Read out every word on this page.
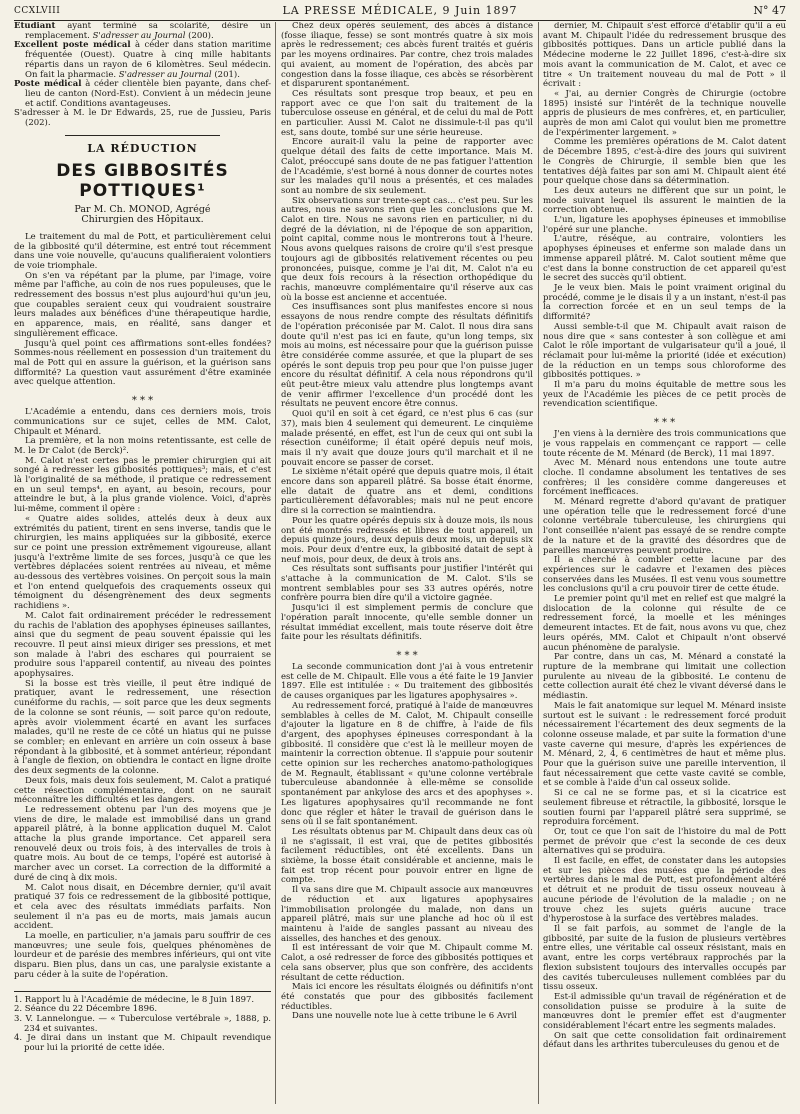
CCXLVIII	LA PRESSE MÉDICALE, 9 Juin 1897	N° 47

Etudiant ayant terminé sa scolarité, désire un remplacement. S'adresser au Journal (200).

Excellent poste médical à céder dans station maritime fréquentée (Ouest). Quatre à cinq mille habitants répartis dans un rayon de 6 kilomètres. Seul médecin. On fait la pharmacie. S'adresser au Journal (201).

Poste médical à céder clientèle bien payante, dans chef-lieu de canton (Nord-Est). Convient à un médecin jeune et actif. Conditions avantageuses.

S'adresser à M. le Dr Edwards, 25, rue de Jussieu, Paris (202).

LA RÉDUCTION
DES GIBBOSITÉS POTTIQUES¹
Par M. Ch. MONOD, Agrégé
Chirurgien des Hôpitaux.

Le traitement du mal de Pott, et particulièrement celui de la gibbosité qu'il détermine, est entré tout récemment dans une voie nouvelle, qu'aucuns qualifieraient volontiers de voie triomphale.

On s'en va répétant par la plume, par l'image, voire même par l'affiche, au coin de nos rues populeuses, que le redressement des bossus n'est plus aujourd'hui qu'un jeu, que coupables seraient ceux qui voudraient soustraire leurs malades aux bénéfices d'une thérapeutique hardie, en apparence, mais, en réalité, sans danger et singulièrement efficace.

Jusqu'à quel point ces affirmations sont-elles fondées? Sommes-nous réellement en possession d'un traitement du mal de Pott qui en assure la guérison, et la guérison sans difformité? La question vaut assurément d'être examinée avec quelque attention.

⁎ ⁎ ⁎

L'Académie a entendu, dans ces derniers mois, trois communications sur ce sujet, celles de MM. Calot, Chipault et Ménard.

La première, et la non moins retentissante, est celle de M. le Dr Calot (de Berck)².

M. Calot n'est certes pas le premier chirurgien qui ait songé à redresser les gibbosités pottiques³; mais, et c'est là l'originalité de sa méthode, il pratique ce redressement en un seul temps⁴, en ayant, au besoin, recours, pour atteindre le but, à la plus grande violence. Voici, d'après lui-même, comment il opère :

« Quatre aides solides, attelés deux à deux aux extrémités du patient, tirent en sens inverse, tandis que le chirurgien, les mains appliquées sur la gibbosité, exerce sur ce point une pression extrêmement vigoureuse, allant jusqu'à l'extrême limite de ses forces, jusqu'à ce que les vertèbres déplacées soient rentrées au niveau, et même au-dessous des vertèbres voisines. On perçoit sous la main et l'on entend quelquefois des craquements osseux qui témoignent du désengrènement des deux segments rachidiens ».

M. Calot fait ordinairement précéder le redressement du rachis de l'ablation des apophyses épineuses saillantes, ainsi que du segment de peau souvent épaissie qui les recouvre. Il peut ainsi mieux diriger ses pressions, et met son malade à l'abri des eschares qui pourraient se produire sous l'appareil contentif, au niveau des pointes apophysaires.

Si la bosse est très vieille, il peut être indiqué de pratiquer, avant le redressement, une résection cunéiforme du rachis, — soit parce que les deux segments de la colonne se sont réunis, — soit parce qu'on redoute, après avoir violemment écarté en avant les surfaces malades, qu'il ne reste de ce côté un hiatus qui ne puisse se combler; en enlevant en arrière un coin osseux à base répondant à la gibbosité, et à sommet antérieur, répondant à l'angle de flexion, on obtiendra le contact en ligne droite des deux segments de la colonne.

Deux fois, mais deux fois seulement, M. Calot a pratiqué cette résection complémentaire, dont on ne saurait méconnaître les difficultés et les dangers.

Le redressement obtenu par l'un des moyens que je viens de dire, le malade est immobilisé dans un grand appareil plâtré, à la bonne application duquel M. Calot attache la plus grande importance. Cet appareil sera renouvelé deux ou trois fois, à des intervalles de trois à quatre mois. Au bout de ce temps, l'opéré est autorisé à marcher avec un corset. La correction de la difformité a duré de cinq à dix mois.

M. Calot nous disait, en Décembre dernier, qu'il avait pratiqué 37 fois ce redressement de la gibbosité pottique, et cela avec des résultats immédiats parfaits. Non seulement il n'a pas eu de morts, mais jamais aucun accident.

La moelle, en particulier, n'a jamais paru souffrir de ces manœuvres; une seule fois, quelques phénomènes de lourdeur et de parésie des membres inférieurs, qui ont vite disparu. Bien plus, dans un cas, une paralysie existante a paru céder à la suite de l'opération.

1. Rapport lu à l'Académie de médecine, le 8 Juin 1897.

2. Séance du 22 Décembre 1896.

3. V. Lannelongue. — « Tuberculose vertébrale », 1888, p. 234 et suivantes.

4. Je dirai dans un instant que M. Chipault revendique pour lui la priorité de cette idée.

Chez deux opérés seulement, des abcès à distance (fosse iliaque, fesse) se sont montrés quatre à six mois après le redressement; ces abcès furent traités et guéris par les moyens ordinaires. Par contre, chez trois malades qui avaient, au moment de l'opération, des abcès par congestion dans la fosse iliaque, ces abcès se résorbèrent et disparurent spontanément.

Ces résultats sont presque trop beaux, et peu en rapport avec ce que l'on sait du traitement de la tuberculose osseuse en général, et de celui du mal de Pott en particulier. Aussi M. Calot ne dissimule-t-il pas qu'il est, sans doute, tombé sur une série heureuse.

Encore aurait-il valu la peine de rapporter avec quelque détail des faits de cette importance. Mais M. Calot, préoccupé sans doute de ne pas fatiguer l'attention de l'Académie, s'est borné à nous donner de courtes notes sur les malades qu'il nous a présentés, et ces malades sont au nombre de six seulement.

Six observations sur trente-sept cas... c'est peu. Sur les autres, nous ne savons rien que les conclusions que M. Calot en tire. Nous ne savons rien en particulier, ni du degré de la déviation, ni de l'époque de son apparition, point capital, comme nous le montrerons tout à l'heure. Nous avons quelques raisons de croire qu'il s'est presque toujours agi de gibbosités relativement récentes ou peu prononcées, puisque, comme je l'ai dit, M. Calot n'a eu que deux fois recours à la résection orthopédique du rachis, manœuvre complémentaire qu'il réserve aux cas où la bosse est ancienne et accentuée.

Ces insuffisances sont plus manifestes encore si nous essayons de nous rendre compte des résultats définitifs de l'opération préconisée par M. Calot. Il nous dira sans doute qu'il n'est pas ici en faute, qu'un long temps, six mois au moins, est nécessaire pour que la guérison puisse être considérée comme assurée, et que la plupart de ses opérés le sont depuis trop peu pour que l'on puisse juger encore du résultat définitif. A cela nous répondrons qu'il eût peut-être mieux valu attendre plus longtemps avant de venir affirmer l'excellence d'un procédé dont les résultats ne peuvent encore être connus.

Quoi qu'il en soit à cet égard, ce n'est plus 6 cas (sur 37), mais bien 4 seulement qui demeurent. Le cinquième malade présenté, en effet, est l'un de ceux qui ont subi la résection cunéiforme; il était opéré depuis neuf mois, mais il n'y avait que douze jours qu'il marchait et il ne pouvait encore se passer de corset.

Le sixième n'était opéré que depuis quatre mois, il était encore dans son appareil plâtré. Sa bosse était énorme, elle datait de quatre ans et demi, conditions particulièrement défavorables; mais nul ne peut encore dire si la correction se maintiendra.

Pour les quatre opérés depuis six à douze mois, ils nous ont été montrés redressés et libres de tout appareil, un depuis quinze jours, deux depuis deux mois, un depuis six mois. Pour deux d'entre eux, la gibbosité datait de sept à neuf mois, pour deux, de deux à trois ans.

Ces résultats sont suffisants pour justifier l'intérêt qui s'attache à la communication de M. Calot. S'ils se montrent semblables pour ses 33 autres opérés, notre confrère pourra bien dire qu'il a victoire gagnée.

Jusqu'ici il est simplement permis de conclure que l'opération paraît innocente, qu'elle semble donner un résultat immédiat excellent, mais toute réserve doit être faite pour les résultats définitifs.

⁎ ⁎ ⁎

La seconde communication dont j'ai à vous entretenir est celle de M. Chipault. Elle vous a été faite le 19 Janvier 1897. Elle est intitulée : « Du traitement des gibbosités de causes organiques par les ligatures apophysaires ».

Au redressement forcé, pratiqué à l'aide de manœuvres semblables à celles de M. Calot, M. Chipault conseille d'ajouter la ligature en 8 de chiffre, à l'aide de fils d'argent, des apophyses épineuses correspondant à la gibbosité. Il considère que c'est là le meilleur moyen de maintenir la correction obtenue. Il s'appuie pour soutenir cette opinion sur les recherches anatomo-pathologiques de M. Regnault, établissant « qu'une colonne vertébrale tuberculeuse abandonnée à elle-même se consolide spontanément par ankylose des arcs et des apophyses ». Les ligatures apophysaires qu'il recommande ne font donc que régler et hâter le travail de guérison dans le sens où il se fait spontanément.

Les résultats obtenus par M. Chipault dans deux cas où il ne s'agissait, il est vrai, que de petites gibbosités facilement réductibles, ont été excellents. Dans un sixième, la bosse était considérable et ancienne, mais le fait est trop récent pour pouvoir entrer en ligne de compte.

Il va sans dire que M. Chipault associe aux manœuvres de réduction et aux ligatures apophysaires l'immobilisation prolongée du malade, non dans un appareil plâtré, mais sur une planche ad hoc où il est maintenu à l'aide de sangles passant au niveau des aisselles, des hanches et des genoux.

Il est intéressant de voir que M. Chipault comme M. Calot, a osé redresser de force des gibbosités pottiques et cela sans observer, plus que son confrère, des accidents résultant de cette réduction.

Mais ici encore les résultats éloignés ou définitifs n'ont été constatés que pour des gibbosités facilement réductibles.

Dans une nouvelle note lue à cette tribune le 6 Avril

dernier, M. Chipault s'est efforcé d'établir qu'il a eu avant M. Chipault l'idée du redressement brusque des gibbosités pottiques. Dans un article publié dans la Médecine moderne le 22 Juillet 1896, c'est-à-dire six mois avant la communication de M. Calot, et avec ce titre « Un traitement nouveau du mal de Pott » il écrivait :

« J'ai, au dernier Congrès de Chirurgie (octobre 1895) insisté sur l'intérêt de la technique nouvelle appris de plusieurs de mes confrères, et, en particulier, auprès de mon ami Calot qui voulut bien me promettre de l'expérimenter largement. »

Comme les premières opérations de M. Calot datent de Décembre 1895, c'est-à-dire des jours qui suivirent le Congrès de Chirurgie, il semble bien que les tentatives déjà faites par son ami M. Chipault aient été pour quelque chose dans sa détermination.

Les deux auteurs ne diffèrent que sur un point, le mode suivant lequel ils assurent le maintien de la correction obtenue.

L'un, ligature les apophyses épineuses et immobilise l'opéré sur une planche.

L'autre, réséque, au contraire, volontiers les apophyses épineuses et enferme son malade dans un immense appareil plâtré. M. Calot soutient même que c'est dans la bonne construction de cet appareil qu'est le secret des succès qu'il obtient.

Je le veux bien. Mais le point vraiment original du procédé, comme je le disais il y a un instant, n'est-il pas la correction forcée et en un seul temps de la difformité?

Aussi semble-t-il que M. Chipault avait raison de nous dire que « sans contester à son collègue et ami Calot le rôle important de vulgarisateur qu'il a joué, il réclamait pour lui-même la priorité (idée et exécution) de la réduction en un temps sous chloroforme des gibbosités pottiques. »

Il m'a paru du moins équitable de mettre sous les yeux de l'Académie les pièces de ce petit procès de revendication scientifique.

⁎ ⁎ ⁎

J'en viens à la dernière des trois communications que je vous rappelais en commençant ce rapport — celle toute récente de M. Ménard (de Berck), 11 mai 1897.

Avec M. Ménard nous entendons une toute autre cloche. Il condamne absolument les tentatives de ses confrères; il les considère comme dangereuses et forcément inefficaces.

M. Ménard regrette d'abord qu'avant de pratiquer une opération telle que le redressement forcé d'une colonne vertébrale tuberculeuse, les chirurgiens qui l'ont conseillée n'aient pas essayé de se rendre compte de la nature et de la gravité des désordres que de pareilles manœuvres peuvent produire.

Il a cherché à combler cette lacune par des expériences sur le cadavre et l'examen des pièces conservées dans les Musées. Il est venu vous soumettre les conclusions qu'il a cru pouvoir tirer de cette étude.

Le premier point qu'il met en relief est que malgré la dislocation de la colonne qui résulte de ce redressement forcé, la moelle et les méninges demeurent intactes. Et de fait, nous avons vu que, chez leurs opérés, MM. Calot et Chipault n'ont observé aucun phénomène de paralysie.

Par contre, dans un cas, M. Ménard a constaté la rupture de la membrane qui limitait une collection purulente au niveau de la gibbosité. Le contenu de cette collection aurait été chez le vivant déversé dans le médiastin.

Mais le fait anatomique sur lequel M. Ménard insiste surtout est le suivant : le redressement forcé produit nécessairement l'écartement des deux segments de la colonne osseuse malade, et par suite la formation d'une vaste caverne qui mesure, d'après les expériences de M. Ménard, 2, 4, 6 centimètres de haut et même plus. Pour que la guérison suive une pareille intervention, il faut nécessairement que cette vaste cavité se comble, et se comble à l'aide d'un cal osseux solide.

Si ce cal ne se forme pas, et si la cicatrice est seulement fibreuse et rétractile, la gibbosité, lorsque le soutien fourni par l'appareil plâtré sera supprimé, se reproduira forcément.

Or, tout ce que l'on sait de l'histoire du mal de Pott permet de prévoir que c'est la seconde de ces deux alternatives qui se produira.

Il est facile, en effet, de constater dans les autopsies et sur les pièces des musées que la période des vertèbres dans le mal de Pott, est profondément altéré et détruit et ne produit de tissu osseux nouveau à aucune période de l'évolution de la maladie ; on ne trouve chez les sujets guéris aucune trace d'hyperostose à la surface des vertèbres malades.

Il se fait parfois, au sommet de l'angle de la gibbosité, par suite de la fusion de plusieurs vertèbres entre elles, une véritable cal osseux résistant, mais en avant, entre les corps vertébraux rapprochés par la flexion subsistent toujours des intervalles occupés par des cavités tuberculeuses nullement comblées par du tissu osseux.

Est-il admissible qu'un travail de régénération et de consolidation puisse se produire à la suite de manœuvres dont le premier effet est d'augmenter considérablement l'écart entre les segments malades.

On sait que cette consolidation fait ordinairement défaut dans les arthrites tuberculeuses du genou et de
